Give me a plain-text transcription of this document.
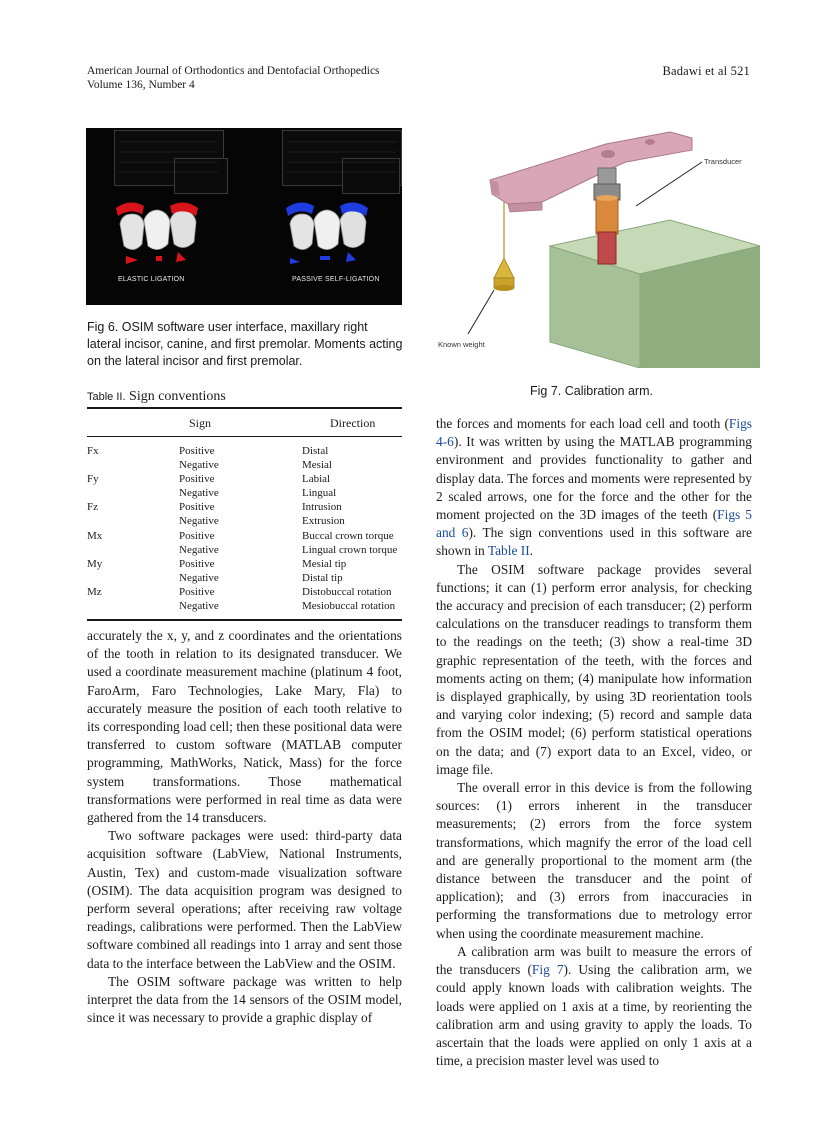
American Journal of Orthodontics and Dentofacial Orthopedics
Volume 136, Number 4
Badawi et al 521
ELASTIC LIGATION	PASSIVE SELF-LIGATION
Fig 6. OSIM software user interface, maxillary right lateral incisor, canine, and first premolar. Moments acting on the lateral incisor and first premolar.
Transducer
Known weight
Fig 7. Calibration arm.
Table II. Sign conventions
Sign	Direction
Fx	Positive	Distal
Negative	Mesial
Fy	Positive	Labial
Negative	Lingual
Fz	Positive	Intrusion
Negative	Extrusion
Mx	Positive	Buccal crown torque
Negative	Lingual crown torque
My	Positive	Mesial tip
Negative	Distal tip
Mz	Positive	Distobuccal rotation
Negative	Mesiobuccal rotation

accurately the x, y, and z coordinates and the orientations of the tooth in relation to its designated transducer. We used a coordinate measurement machine (platinum 4 foot, FaroArm, Faro Technologies, Lake Mary, Fla) to accurately measure the position of each tooth relative to its corresponding load cell; then these positional data were transferred to custom software (MATLAB computer programming, MathWorks, Natick, Mass) for the force system transformations. Those mathematical transformations were performed in real time as data were gathered from the 14 transducers.

Two software packages were used: third-party data acquisition software (LabView, National Instruments, Austin, Tex) and custom-made visualization software (OSIM). The data acquisition program was designed to perform several operations; after receiving raw voltage readings, calibrations were performed. Then the LabView software combined all readings into 1 array and sent those data to the interface between the LabView and the OSIM.

The OSIM software package was written to help interpret the data from the 14 sensors of the OSIM model, since it was necessary to provide a graphic display of

the forces and moments for each load cell and tooth (Figs 4-6). It was written by using the MATLAB programming environment and provides functionality to gather and display data. The forces and moments were represented by 2 scaled arrows, one for the force and the other for the moment projected on the 3D images of the teeth (Figs 5 and 6). The sign conventions used in this software are shown in Table II.

The OSIM software package provides several functions; it can (1) perform error analysis, for checking the accuracy and precision of each transducer; (2) perform calculations on the transducer readings to transform them to the readings on the teeth; (3) show a real-time 3D graphic representation of the teeth, with the forces and moments acting on them; (4) manipulate how information is displayed graphically, by using 3D reorientation tools and varying color indexing; (5) record and sample data from the OSIM model; (6) perform statistical operations on the data; and (7) export data to an Excel, video, or image file.

The overall error in this device is from the following sources: (1) errors inherent in the transducer measurements; (2) errors from the force system transformations, which magnify the error of the load cell and are generally proportional to the moment arm (the distance between the transducer and the point of application); and (3) errors from inaccuracies in performing the transformations due to metrology error when using the coordinate measurement machine.

A calibration arm was built to measure the errors of the transducers (Fig 7). Using the calibration arm, we could apply known loads with calibration weights. The loads were applied on 1 axis at a time, by reorienting the calibration arm and using gravity to apply the loads. To ascertain that the loads were applied on only 1 axis at a time, a precision master level was used to
